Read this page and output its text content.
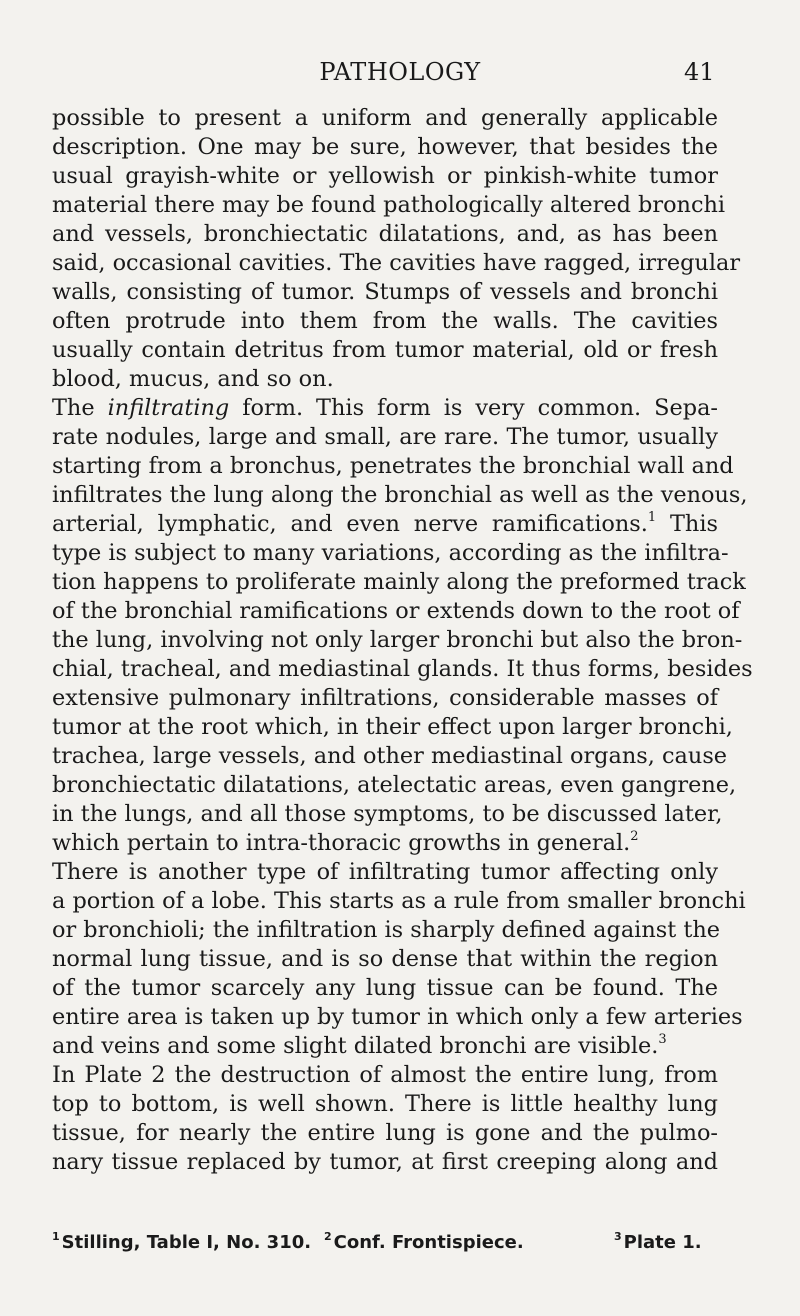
PATHOLOGY	41
possible to present a uniform and generally applicable
description. One may be sure, however, that besides the
usual grayish-white or yellowish or pinkish-white tumor
material there may be found pathologically altered bronchi
and vessels, bronchiectatic dilatations, and, as has been
said, occasional cavities. The cavities have ragged, irregular
walls, consisting of tumor. Stumps of vessels and bronchi
often protrude into them from the walls. The cavities
usually contain detritus from tumor material, old or fresh
blood, mucus, and so on.
The infiltrating form. This form is very common. Sepa-
rate nodules, large and small, are rare. The tumor, usually
starting from a bronchus, penetrates the bronchial wall and
infiltrates the lung along the bronchial as well as the venous,
arterial, lymphatic, and even nerve ramifications.$^1$ This
type is subject to many variations, according as the infiltra-
tion happens to proliferate mainly along the preformed track
of the bronchial ramifications or extends down to the root of
the lung, involving not only larger bronchi but also the bron-
chial, tracheal, and mediastinal glands. It thus forms, besides
extensive pulmonary infiltrations, considerable masses of
tumor at the root which, in their effect upon larger bronchi,
trachea, large vessels, and other mediastinal organs, cause
bronchiectatic dilatations, atelectatic areas, even gangrene,
in the lungs, and all those symptoms, to be discussed later,
which pertain to intra-thoracic growths in general.$^2$
There is another type of infiltrating tumor affecting only
a portion of a lobe. This starts as a rule from smaller bronchi
or bronchioli; the infiltration is sharply defined against the
normal lung tissue, and is so dense that within the region
of the tumor scarcely any lung tissue can be found. The
entire area is taken up by tumor in which only a few arteries
and veins and some slight dilated bronchi are visible.$^3$
In Plate 2 the destruction of almost the entire lung, from
top to bottom, is well shown. There is little healthy lung
tissue, for nearly the entire lung is gone and the pulmo-
nary tissue replaced by tumor, at first creeping along and
$^1$ Stilling, Table I, No. 310. $^2$ Conf. Frontispiece.	$^3$ Plate 1.
